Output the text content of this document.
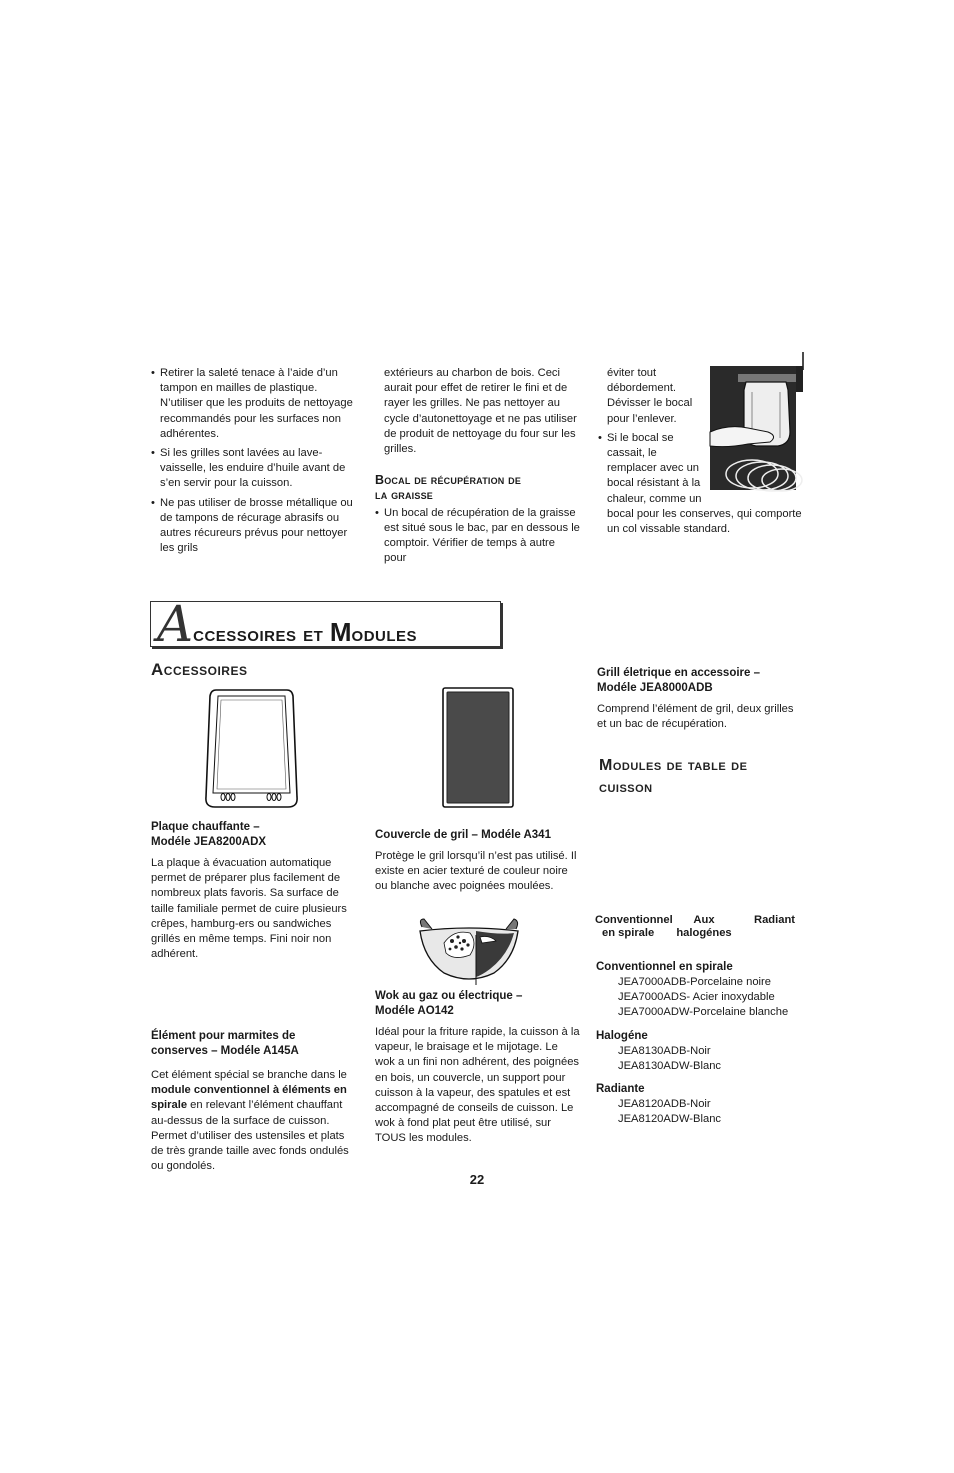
• Retirer la saleté tenace à l’aide d’un tampon en mailles de plastique. N’utiliser que les produits de nettoyage recommandés pour les surfaces non adhérentes.
• Si les grilles sont lavées au lave-vaisselle, les enduire d’huile avant de s’en servir pour la cuisson.
• Ne pas utiliser de brosse métallique ou de tampons de récurage abrasifs ou autres récureurs prévus pour nettoyer les grils
extérieurs au charbon de bois. Ceci aurait pour effet de retirer le fini et de rayer les grilles. Ne pas nettoyer au cycle d’autonettoyage et ne pas utiliser de produit de nettoyage du four sur les grilles.
Bocal de récupération de
la graisse
• Un bocal de récupération de la graisse est situé sous le bac, par en dessous le comptoir. Vérifier de temps à autre pour
éviter tout débordement. Dévisser le bocal pour l’enlever.
• Si le bocal se cassait, le remplacer avec un bocal résistant à la chaleur, comme un
bocal pour les conserves, qui comporte un col vissable standard.
Accessoires et Modules
Accessoires
Plaque chauffante –
Modéle JEA8200ADX
La plaque à évacuation automatique permet de préparer plus facilement de nombreux plats favoris. Sa surface de taille familiale permet de cuire plusieurs crêpes, hamburg-ers ou sandwiches grillés en même temps. Fini noir non adhérent.
Élément pour marmites de
conserves – Modéle A145A
Cet élément spécial se branche dans le module conventionnel à éléments en spirale en relevant l’élément chauffant au-dessus de la surface de cuisson. Permet d’utiliser des ustensiles et plats de très grande taille avec fonds ondulés ou gondolés.
Couvercle de gril – Modéle A341
Protège le gril lorsqu’il n’est pas utilisé. Il existe en acier texturé de couleur noire ou blanche avec poignées moulées.
Wok au gaz ou électrique –
Modéle AO142
Idéal pour la friture rapide, la cuisson à la vapeur, le braisage et le mijotage. Le wok a un fini non adhérent, des poignées en bois, un couvercle, un support pour cuisson à la vapeur, des spatules et est accompagné de conseils de cuisson. Le wok à fond plat peut être utilisé, sur TOUS les modules.
Grill életrique en accessoire –
Modéle JEA8000ADB
Comprend l’élément de gril, deux grilles et un bac de récupération.
Modules de table de
cuisson
Conventionnel
en spirale
Aux
halogénes
Radiant
Conventionnel en spirale
JEA7000ADB-Porcelaine noire
JEA7000ADS- Acier inoxydable
JEA7000ADW-Porcelaine blanche
Halogéne
JEA8130ADB-Noir
JEA8130ADW-Blanc
Radiante
JEA8120ADB-Noir
JEA8120ADW-Blanc
22
